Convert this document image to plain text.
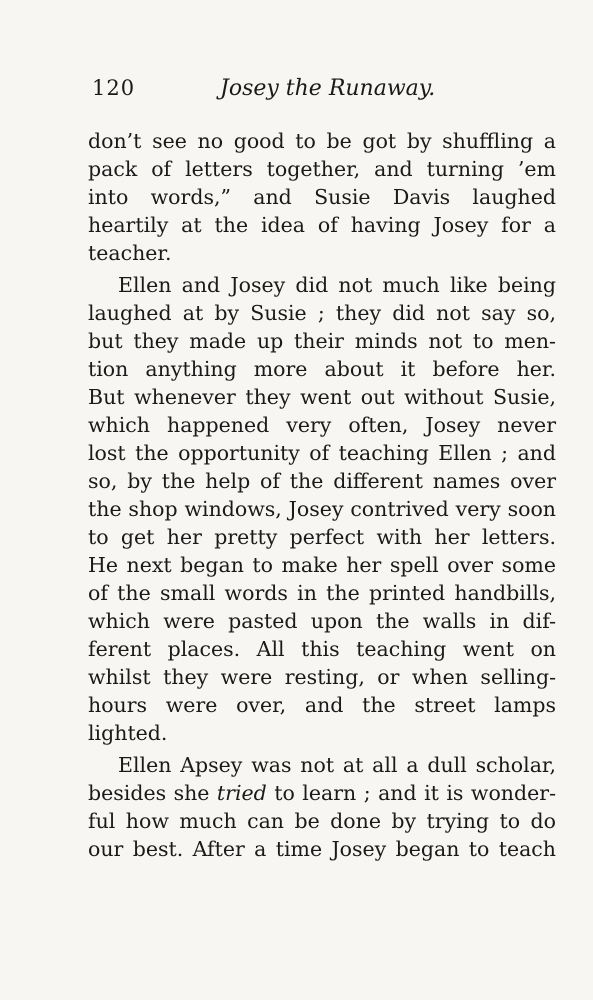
120	Josey the Runaway.
don’t see no good to be got by shuffling a
pack of letters together, and turning ’em
into words,” and Susie Davis laughed
heartily at the idea of having Josey for a
teacher.
Ellen and Josey did not much like being
laughed at by Susie ; they did not say so,
but they made up their minds not to men-
tion anything more about it before her.
But whenever they went out without Susie,
which happened very often, Josey never
lost the opportunity of teaching Ellen ; and
so, by the help of the different names over
the shop windows, Josey contrived very soon
to get her pretty perfect with her letters.
He next began to make her spell over some
of the small words in the printed handbills,
which were pasted upon the walls in dif-
ferent places. All this teaching went on
whilst they were resting, or when selling-
hours were over, and the street lamps
lighted.
Ellen Apsey was not at all a dull scholar,
besides she tried to learn ; and it is wonder-
ful how much can be done by trying to do
our best. After a time Josey began to teach
